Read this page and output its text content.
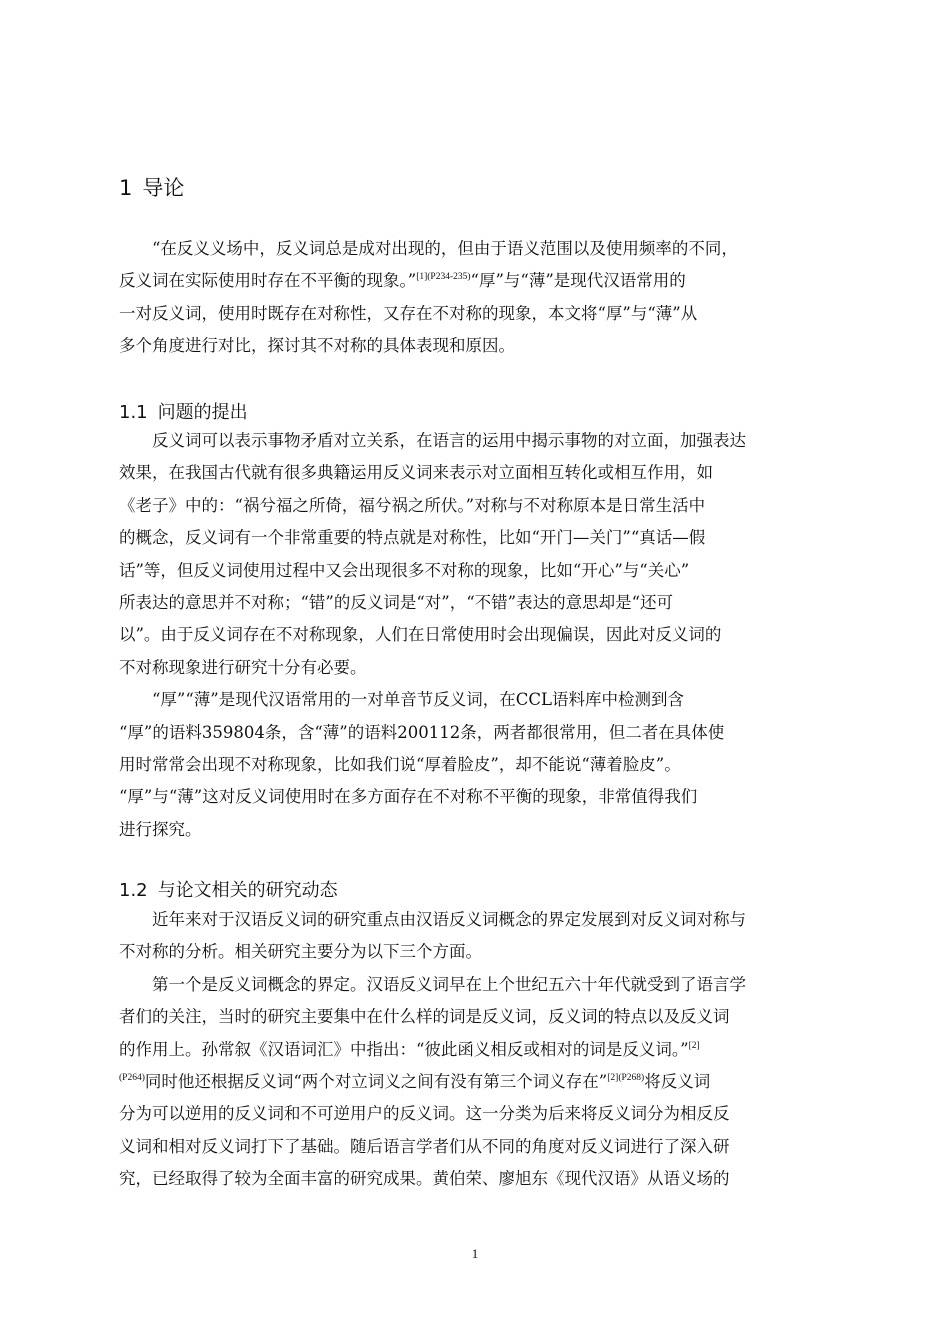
1 导论
“在反义义场中，反义词总是成对出现的，但由于语义范围以及使用频率的不同，
反义词在实际使用时存在不平衡的现象。”$^{[1](P234-235)}$“厚”与“薄”是现代汉语常用的
一对反义词，使用时既存在对称性，又存在不对称的现象，本文将“厚”与“薄”从
多个角度进行对比，探讨其不对称的具体表现和原因。
1.1 问题的提出
反义词可以表示事物矛盾对立关系，在语言的运用中揭示事物的对立面，加强表达
效果，在我国古代就有很多典籍运用反义词来表示对立面相互转化或相互作用，如
《老子》中的：“祸兮福之所倚，福兮祸之所伏。”对称与不对称原本是日常生活中
的概念，反义词有一个非常重要的特点就是对称性，比如“开门—关门”“真话—假
话”等，但反义词使用过程中又会出现很多不对称的现象，比如“开心”与“关心”
所表达的意思并不对称；“错”的反义词是“对”，“不错”表达的意思却是“还可
以”。由于反义词存在不对称现象，人们在日常使用时会出现偏误，因此对反义词的
不对称现象进行研究十分有必要。
“厚”“薄”是现代汉语常用的一对单音节反义词，在CCL语料库中检测到含
“厚”的语料359804条，含“薄”的语料200112条，两者都很常用，但二者在具体使
用时常常会出现不对称现象，比如我们说“厚着脸皮”，却不能说“薄着脸皮”。
“厚”与“薄”这对反义词使用时在多方面存在不对称不平衡的现象，非常值得我们
进行探究。
1.2 与论文相关的研究动态
近年来对于汉语反义词的研究重点由汉语反义词概念的界定发展到对反义词对称与
不对称的分析。相关研究主要分为以下三个方面。
第一个是反义词概念的界定。汉语反义词早在上个世纪五六十年代就受到了语言学
者们的关注，当时的研究主要集中在什么样的词是反义词，反义词的特点以及反义词
的作用上。孙常叙《汉语词汇》中指出：“彼此函义相反或相对的词是反义词。”[2]
$^{(P264)}$同时他还根据反义词“两个对立词义之间有没有第三个词义存在”$^{[2](P268)}$将反义词
分为可以逆用的反义词和不可逆用户的反义词。这一分类为后来将反义词分为相反反
义词和相对反义词打下了基础。随后语言学者们从不同的角度对反义词进行了深入研
究，已经取得了较为全面丰富的研究成果。黄伯荣、廖旭东《现代汉语》从语义场的
1
